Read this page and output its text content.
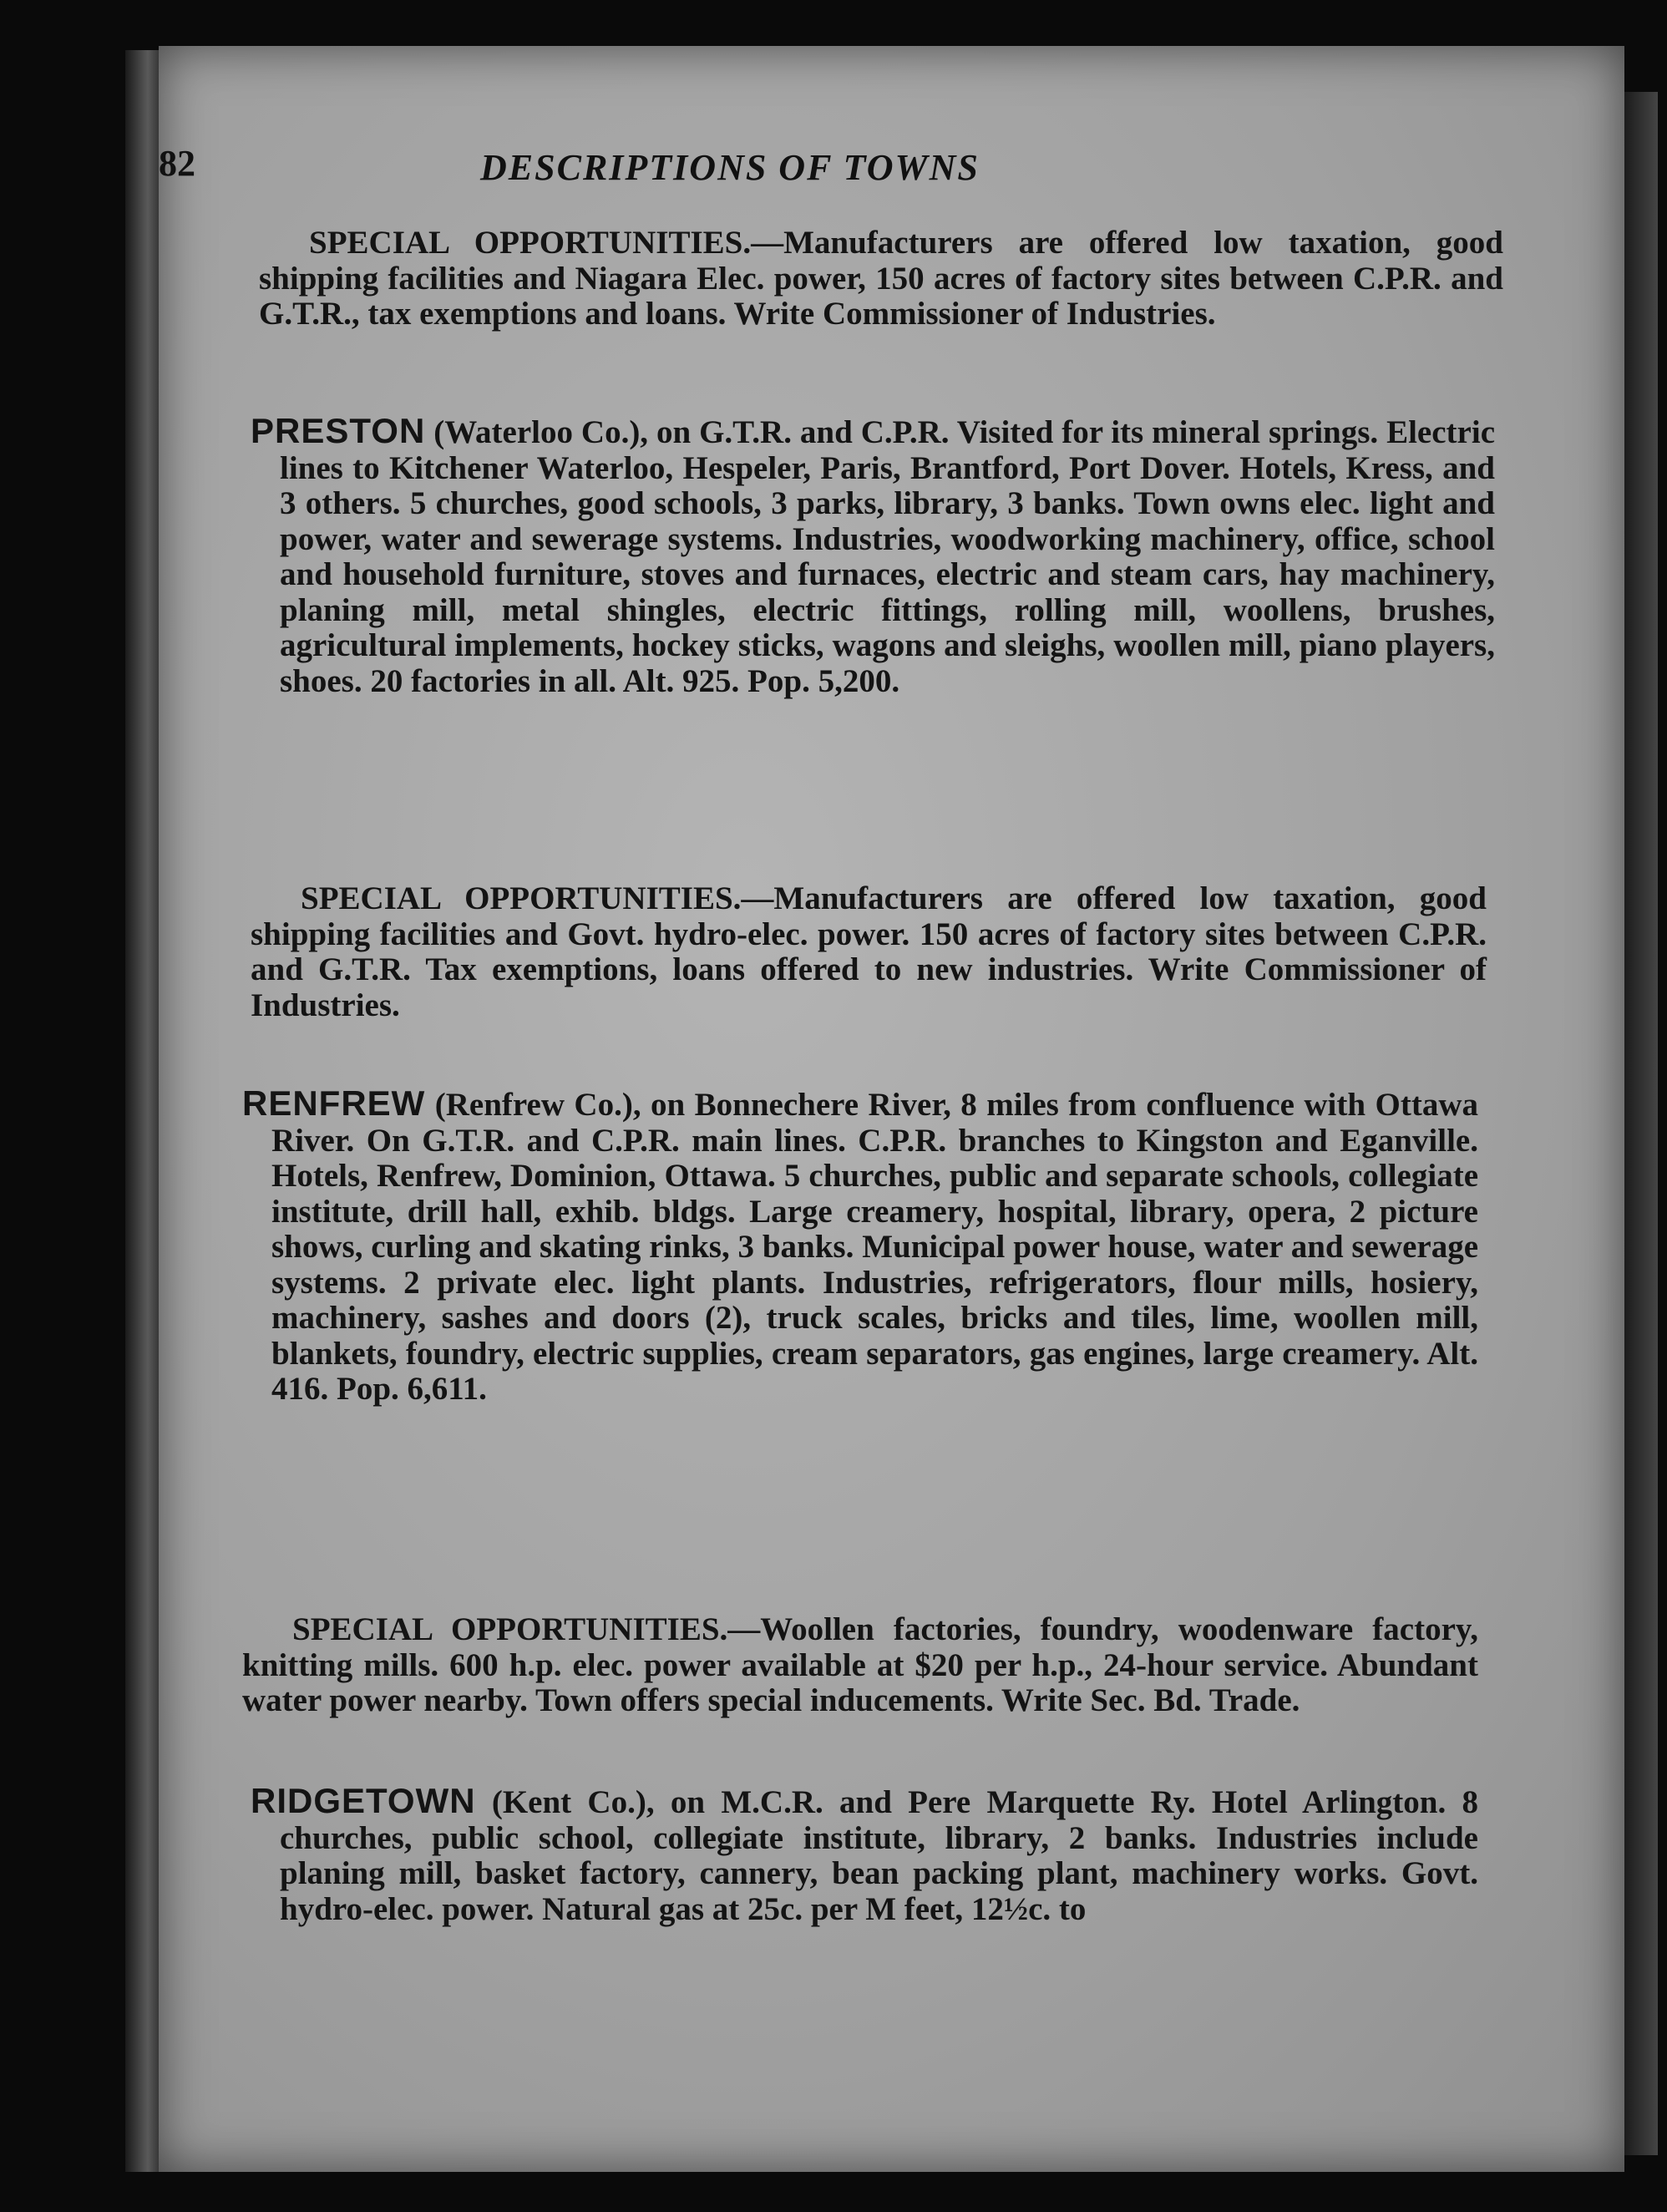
82	DESCRIPTIONS OF TOWNS

SPECIAL OPPORTUNITIES.—Manufacturers are offered low taxation, good shipping facilities and Niagara Elec. power, 150 acres of factory sites between C.P.R. and G.T.R., tax exemptions and loans. Write Commissioner of Industries.

PRESTON (Waterloo Co.), on G.T.R. and C.P.R. Visited for its mineral springs. Electric lines to Kitchener Waterloo, Hespeler, Paris, Brantford, Port Dover. Hotels, Kress, and 3 others. 5 churches, good schools, 3 parks, library, 3 banks. Town owns elec. light and power, water and sewerage systems. Industries, woodworking machinery, office, school and household furniture, stoves and furnaces, electric and steam cars, hay machinery, planing mill, metal shingles, electric fittings, rolling mill, woollens, brushes, agricultural implements, hockey sticks, wagons and sleighs, woollen mill, piano players, shoes. 20 factories in all. Alt. 925. Pop. 5,200.

SPECIAL OPPORTUNITIES.—Manufacturers are offered low taxation, good shipping facilities and Govt. hydro-elec. power. 150 acres of factory sites between C.P.R. and G.T.R. Tax exemptions, loans offered to new industries. Write Commissioner of Industries.

RENFREW (Renfrew Co.), on Bonnechere River, 8 miles from confluence with Ottawa River. On G.T.R. and C.P.R. main lines. C.P.R. branches to Kingston and Eganville. Hotels, Renfrew, Dominion, Ottawa. 5 churches, public and separate schools, collegiate institute, drill hall, exhib. bldgs. Large creamery, hospital, library, opera, 2 picture shows, curling and skating rinks, 3 banks. Municipal power house, water and sewerage systems. 2 private elec. light plants. Industries, refrigerators, flour mills, hosiery, machinery, sashes and doors (2), truck scales, bricks and tiles, lime, woollen mill, blankets, foundry, electric supplies, cream separators, gas engines, large creamery. Alt. 416. Pop. 6,611.

SPECIAL OPPORTUNITIES.—Woollen factories, foundry, woodenware factory, knitting mills. 600 h.p. elec. power available at $20 per h.p., 24-hour service. Abundant water power nearby. Town offers special inducements. Write Sec. Bd. Trade.

RIDGETOWN (Kent Co.), on M.C.R. and Pere Marquette Ry. Hotel Arlington. 8 churches, public school, collegiate institute, library, 2 banks. Industries include planing mill, basket factory, cannery, bean packing plant, machinery works. Govt. hydro-elec. power. Natural gas at 25c. per M feet, 12½c. to
